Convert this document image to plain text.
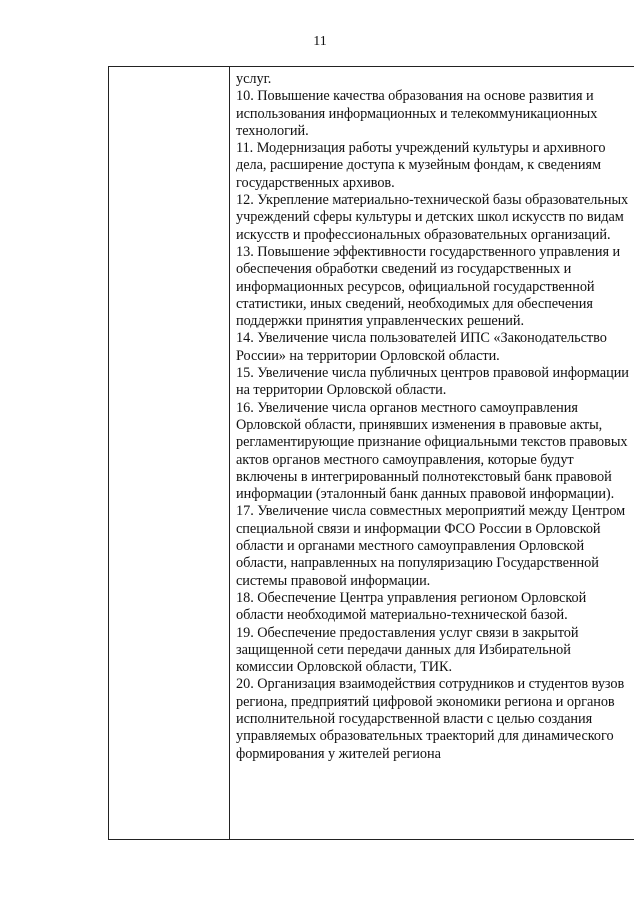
11

услуг.

10. Повышение качества образования на основе развития и использования информационных и телекоммуникационных технологий.

11. Модернизация работы учреждений культуры и архивного дела, расширение доступа к музейным фондам, к сведениям государственных архивов.

12. Укрепление материально-технической базы образовательных учреждений сферы культуры и детских школ искусств по видам искусств и профессиональных образовательных организаций.

13. Повышение эффективности государственного управления и обеспечения обработки сведений из государственных и информационных ресурсов, официальной государственной статистики, иных сведений, необходимых для обеспечения поддержки принятия управленческих решений.

14. Увеличение числа пользователей ИПС «Законодательство России» на территории Орловской области.

15. Увеличение числа публичных центров правовой информации на территории Орловской области.

16. Увеличение числа органов местного самоуправления Орловской области, принявших изменения в правовые акты, регламентирующие признание официальными текстов правовых актов органов местного самоуправления, которые будут включены в интегрированный полнотекстовый банк правовой информации (эталонный банк данных правовой информации).

17. Увеличение числа совместных мероприятий между Центром специальной связи и информации ФСО России в Орловской области и органами местного самоуправления Орловской области, направленных на популяризацию Государственной системы правовой информации.

18. Обеспечение Центра управления регионом Орловской области необходимой материально-технической базой.

19. Обеспечение предоставления услуг связи в закрытой защищенной сети передачи данных для Избирательной комиссии Орловской области, ТИК.

20. Организация взаимодействия сотрудников и студентов вузов региона, предприятий цифровой экономики региона и органов исполнительной государственной власти с целью создания управляемых образовательных траекторий для динамического формирования у жителей региона
